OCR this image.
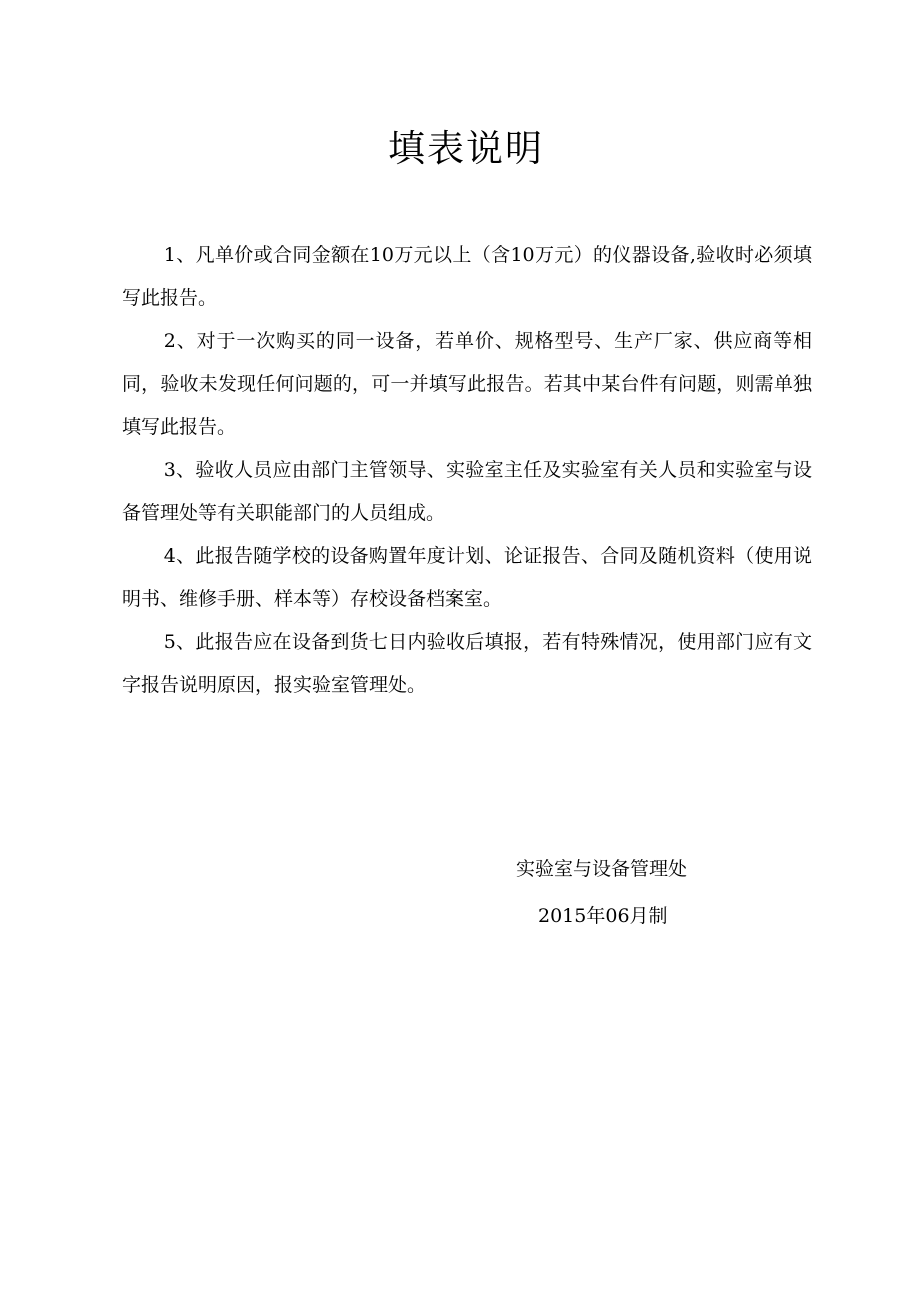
填表说明

1、凡单价或合同金额在10万元以上（含10万元）的仪器设备,验收时必须填写此报告。

2、对于一次购买的同一设备，若单价、规格型号、生产厂家、供应商等相同，验收未发现任何问题的，可一并填写此报告。若其中某台件有问题，则需单独填写此报告。

3、验收人员应由部门主管领导、实验室主任及实验室有关人员和实验室与设备管理处等有关职能部门的人员组成。

4、此报告随学校的设备购置年度计划、论证报告、合同及随机资料（使用说明书、维修手册、样本等）存校设备档案室。

5、此报告应在设备到货七日内验收后填报，若有特殊情况，使用部门应有文字报告说明原因，报实验室管理处。

实验室与设备管理处
2015年06月制
